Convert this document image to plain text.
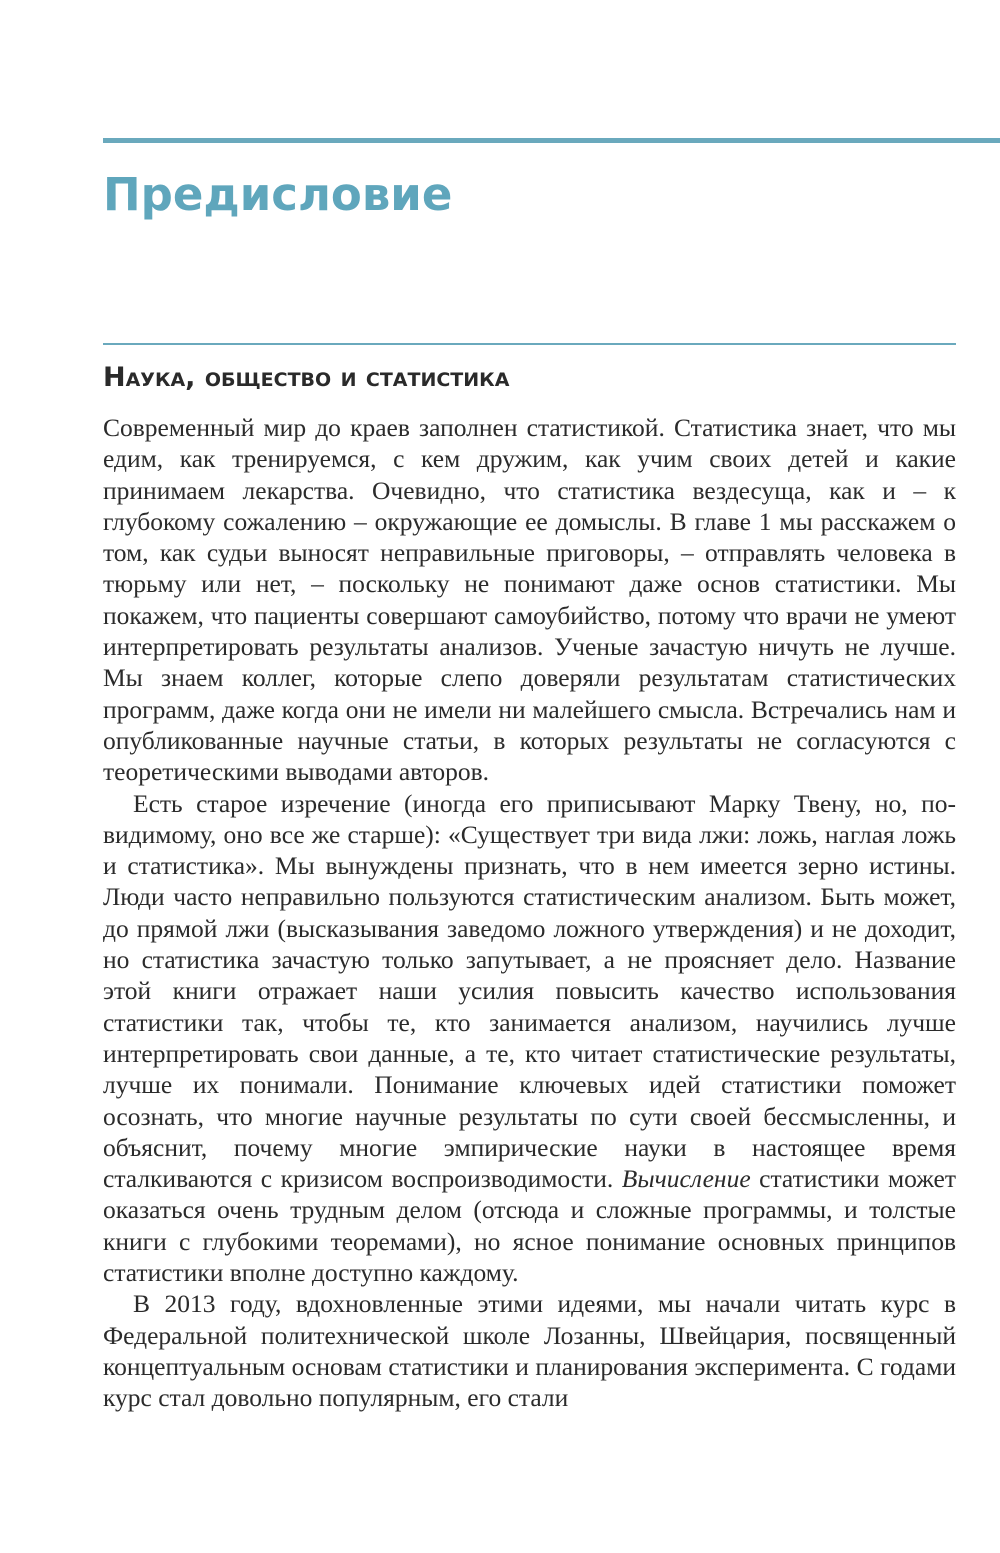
Предисловие
Наука, общество и статистика

Современный мир до краев заполнен статистикой. Статистика знает, что мы едим, как тренируемся, с кем дружим, как учим своих детей и какие принимаем лекарства. Очевидно, что статистика вездесуща, как и – к глубокому сожалению – окружающие ее домыслы. В главе 1 мы расскажем о том, как судьи выносят неправильные приговоры, – отправлять человека в тюрьму или нет, – поскольку не понимают даже основ статистики. Мы покажем, что пациенты совершают самоубийство, потому что врачи не умеют интерпретировать результаты анализов. Ученые зачастую ничуть не лучше. Мы знаем коллег, которые слепо доверяли результатам статистических программ, даже когда они не имели ни малейшего смысла. Встречались нам и опубликованные научные статьи, в которых результаты не согласуются с теоретическими выводами авторов.

Есть старое изречение (иногда его приписывают Марку Твену, но, по-видимому, оно все же старше): «Существует три вида лжи: ложь, наглая ложь и статистика». Мы вынуждены признать, что в нем имеется зерно истины. Люди часто неправильно пользуются статистическим анализом. Быть может, до прямой лжи (высказывания заведомо ложного утверждения) и не доходит, но статистика зачастую только запутывает, а не проясняет дело. Название этой книги отражает наши усилия повысить качество использования статистики так, чтобы те, кто занимается анализом, научились лучше интерпретировать свои данные, а те, кто читает статистические результаты, лучше их понимали. Понимание ключевых идей статистики поможет осознать, что многие научные результаты по сути своей бессмысленны, и объяснит, почему многие эмпирические науки в настоящее время сталкиваются с кризисом воспроизводимости. Вычисление статистики может оказаться очень трудным делом (отсюда и сложные программы, и толстые книги с глубокими теоремами), но ясное понимание основных принципов статистики вполне доступно каждому.

В 2013 году, вдохновленные этими идеями, мы начали читать курс в Федеральной политехнической школе Лозанны, Швейцария, посвященный концептуальным основам статистики и планирования эксперимента. С годами курс стал довольно популярным, его стали
